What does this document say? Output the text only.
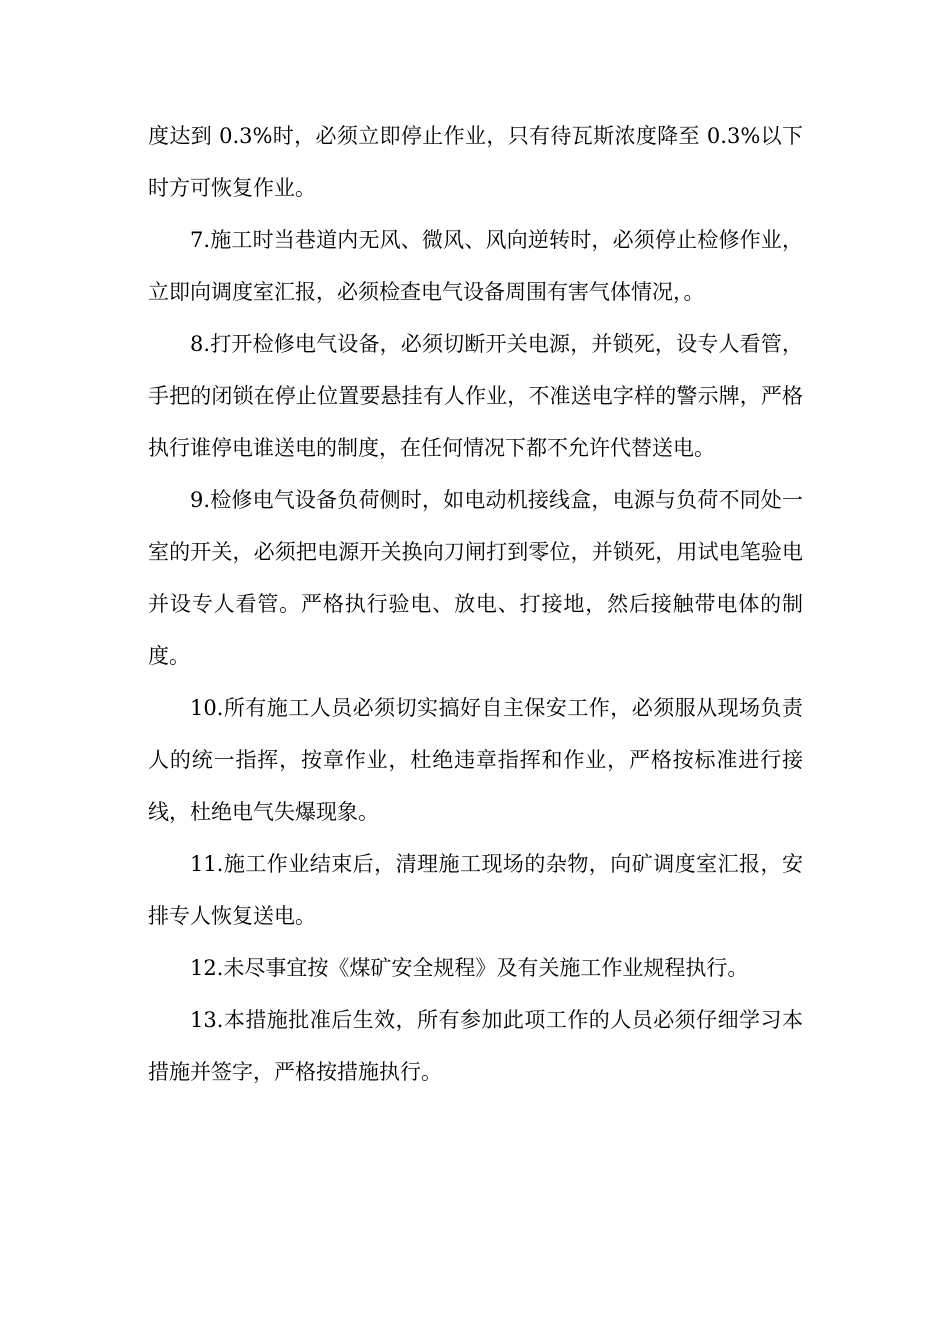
度达到 0.3%时，必须立即停止作业，只有待瓦斯浓度降至 0.3%以下时方可恢复作业。

7.施工时当巷道内无风、微风、风向逆转时，必须停止检修作业，立即向调度室汇报，必须检查电气设备周围有害气体情况，。

8.打开检修电气设备，必须切断开关电源，并锁死，设专人看管，手把的闭锁在停止位置要悬挂有人作业，不准送电字样的警示牌，严格执行谁停电谁送电的制度，在任何情况下都不允许代替送电。

9.检修电气设备负荷侧时，如电动机接线盒，电源与负荷不同处一室的开关，必须把电源开关换向刀闸打到零位，并锁死，用试电笔验电并设专人看管。严格执行验电、放电、打接地，然后接触带电体的制度。

10.所有施工人员必须切实搞好自主保安工作，必须服从现场负责人的统一指挥，按章作业，杜绝违章指挥和作业，严格按标准进行接线，杜绝电气失爆现象。

11.施工作业结束后，清理施工现场的杂物，向矿调度室汇报，安排专人恢复送电。

12.未尽事宜按《煤矿安全规程》及有关施工作业规程执行。

13.本措施批准后生效，所有参加此项工作的人员必须仔细学习本措施并签字，严格按措施执行。
